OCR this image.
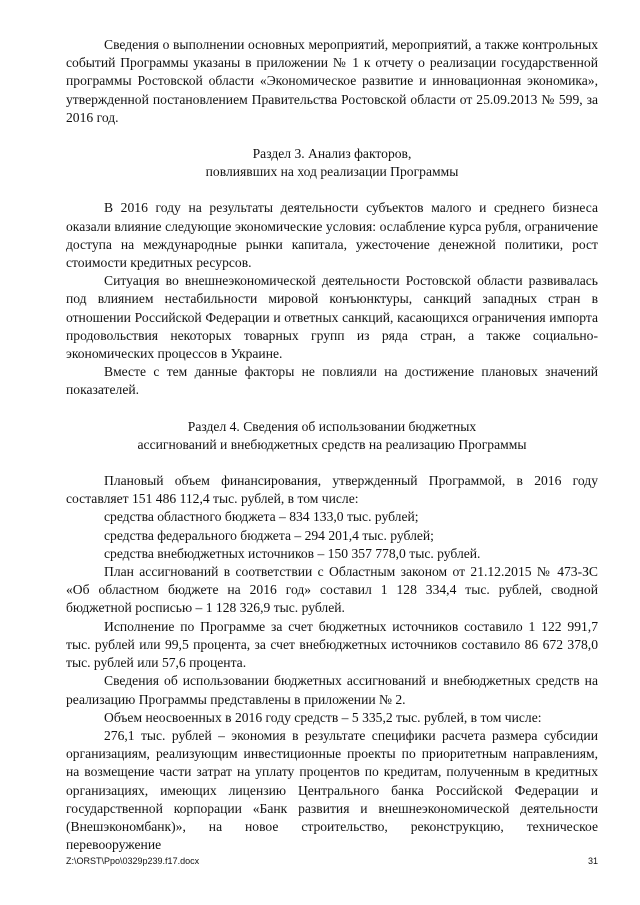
Сведения о выполнении основных мероприятий, мероприятий, а также контрольных событий Программы указаны в приложении № 1 к отчету о реализации государственной программы Ростовской области «Экономическое развитие и инновационная экономика», утвержденной постановлением Правительства Ростовской области от 25.09.2013 № 599, за 2016 год.

Раздел 3. Анализ факторов,
повлиявших на ход реализации Программы

В 2016 году на результаты деятельности субъектов малого и среднего бизнеса оказали влияние следующие экономические условия: ослабление курса рубля, ограничение доступа на международные рынки капитала, ужесточение денежной политики, рост стоимости кредитных ресурсов.

Ситуация во внешнеэкономической деятельности Ростовской области развивалась под влиянием нестабильности мировой конъюнктуры, санкций западных стран в отношении Российской Федерации и ответных санкций, касающихся ограничения импорта продовольствия некоторых товарных групп из ряда стран, а также социально-экономических процессов в Украине.

Вместе с тем данные факторы не повлияли на достижение плановых значений показателей.

Раздел 4. Сведения об использовании бюджетных
ассигнований и внебюджетных средств на реализацию Программы

Плановый объем финансирования, утвержденный Программой, в 2016 году составляет 151 486 112,4 тыс. рублей, в том числе:

средства областного бюджета – 834 133,0 тыс. рублей;

средства федерального бюджета – 294 201,4 тыс. рублей;

средства внебюджетных источников – 150 357 778,0 тыс. рублей.

План ассигнований в соответствии с Областным законом от 21.12.2015 № 473-ЗС «Об областном бюджете на 2016 год» составил 1 128 334,4 тыс. рублей, сводной бюджетной росписью – 1 128 326,9 тыс. рублей.

Исполнение по Программе за счет бюджетных источников составило 1 122 991,7 тыс. рублей или 99,5 процента, за счет внебюджетных источников составило 86 672 378,0 тыс. рублей или 57,6 процента.

Сведения об использовании бюджетных ассигнований и внебюджетных средств на реализацию Программы представлены в приложении № 2.

Объем неосвоенных в 2016 году средств – 5 335,2 тыс. рублей, в том числе:

276,1 тыс. рублей – экономия в результате специфики расчета размера субсидии организациям, реализующим инвестиционные проекты по приоритетным направлениям, на возмещение части затрат на уплату процентов по кредитам, полученным в кредитных организациях, имеющих лицензию Центрального банка Российской Федерации и государственной корпорации «Банк развития и внешнеэкономической деятельности (Внешэкономбанк)», на новое строительство, реконструкцию, техническое перевооружение

Z:\ORST\Ppo\0329p239.f17.docx	31
